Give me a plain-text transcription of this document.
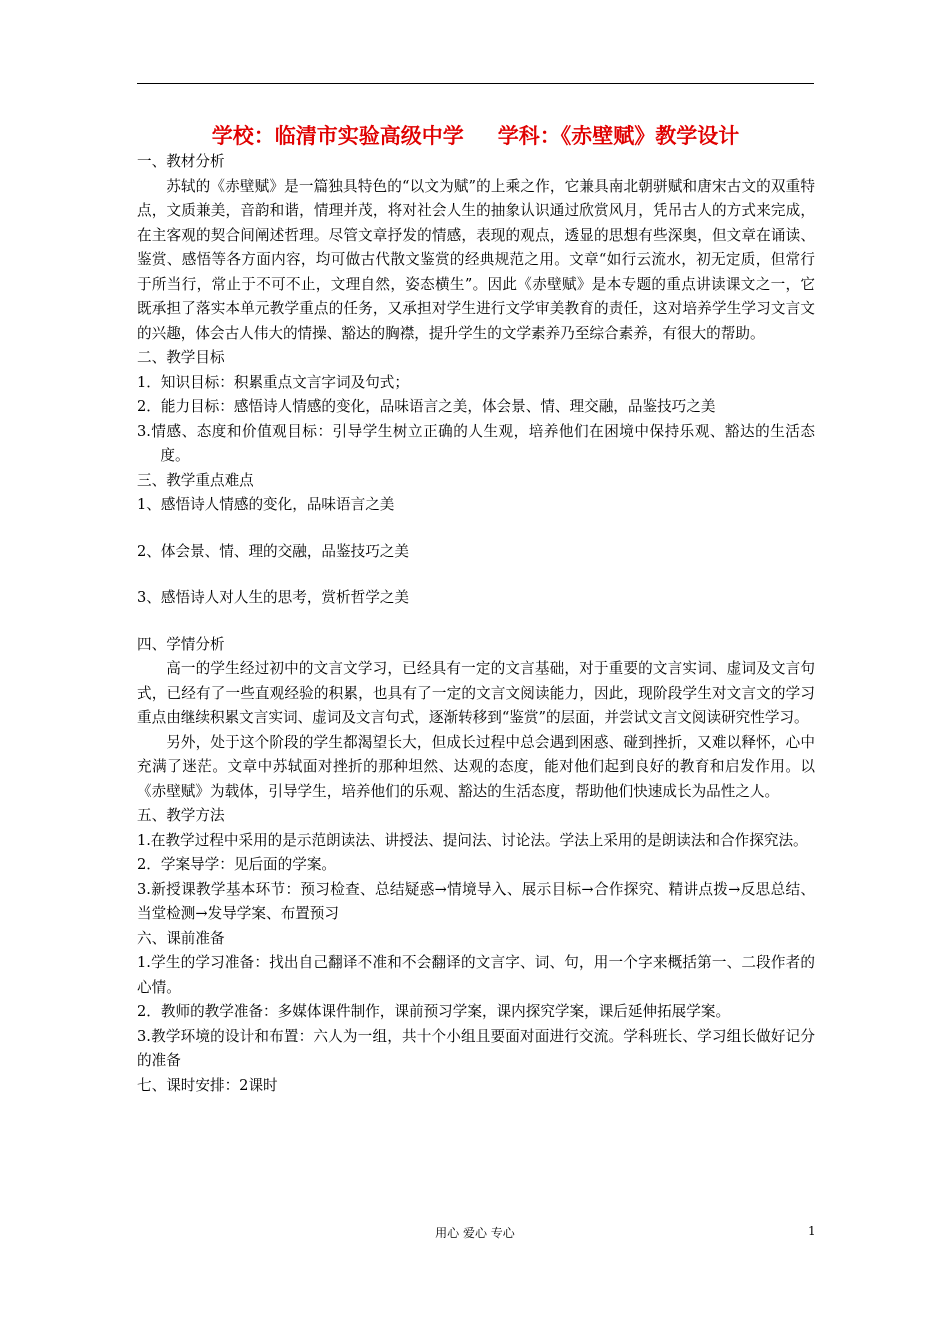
学校：临清市实验高级中学 学科：《赤壁赋》教学设计

一、教材分析

苏轼的《赤壁赋》是一篇独具特色的“以文为赋”的上乘之作，它兼具南北朝骈赋和唐宋古文的双重特点，文质兼美，音韵和谐，情理并茂，将对社会人生的抽象认识通过欣赏风月，凭吊古人的方式来完成，在主客观的契合间阐述哲理。尽管文章抒发的情感，表现的观点，透显的思想有些深奥，但文章在诵读、鉴赏、感悟等各方面内容，均可做古代散文鉴赏的经典规范之用。文章“如行云流水，初无定质，但常行于所当行，常止于不可不止，文理自然，姿态横生”。因此《赤壁赋》是本专题的重点讲读课文之一，它既承担了落实本单元教学重点的任务，又承担对学生进行文学审美教育的责任，这对培养学生学习文言文的兴趣，体会古人伟大的情操、豁达的胸襟，提升学生的文学素养乃至综合素养，有很大的帮助。

二、教学目标

1．知识目标：积累重点文言字词及句式；

2．能力目标：感悟诗人情感的变化，品味语言之美，体会景、情、理交融，品鉴技巧之美

3.情感、态度和价值观目标：引导学生树立正确的人生观，培养他们在困境中保持乐观、豁达的生活态度。

三、教学重点难点

1、感悟诗人情感的变化，品味语言之美

2、体会景、情、理的交融，品鉴技巧之美

3、感悟诗人对人生的思考，赏析哲学之美

四、学情分析

高一的学生经过初中的文言文学习，已经具有一定的文言基础，对于重要的文言实词、虚词及文言句式，已经有了一些直观经验的积累，也具有了一定的文言文阅读能力，因此，现阶段学生对文言文的学习重点由继续积累文言实词、虚词及文言句式，逐渐转移到“鉴赏”的层面，并尝试文言文阅读研究性学习。

另外，处于这个阶段的学生都渴望长大，但成长过程中总会遇到困惑、碰到挫折，又难以释怀，心中充满了迷茫。文章中苏轼面对挫折的那种坦然、达观的态度，能对他们起到良好的教育和启发作用。以《赤壁赋》为载体，引导学生，培养他们的乐观、豁达的生活态度，帮助他们快速成长为品性之人。

五、教学方法

1.在教学过程中采用的是示范朗读法、讲授法、提问法、讨论法。学法上采用的是朗读法和合作探究法。

2．学案导学：见后面的学案。

3.新授课教学基本环节：预习检查、总结疑惑→情境导入、展示目标→合作探究、精讲点拨→反思总结、当堂检测→发导学案、布置预习

六、课前准备

1.学生的学习准备：找出自己翻译不准和不会翻译的文言字、词、句，用一个字来概括第一、二段作者的心情。

2．教师的教学准备：多媒体课件制作，课前预习学案，课内探究学案，课后延伸拓展学案。

3.教学环境的设计和布置：六人为一组，共十个小组且要面对面进行交流。学科班长、学习组长做好记分的准备

七、课时安排：2课时

用心 爱心 专心	1
